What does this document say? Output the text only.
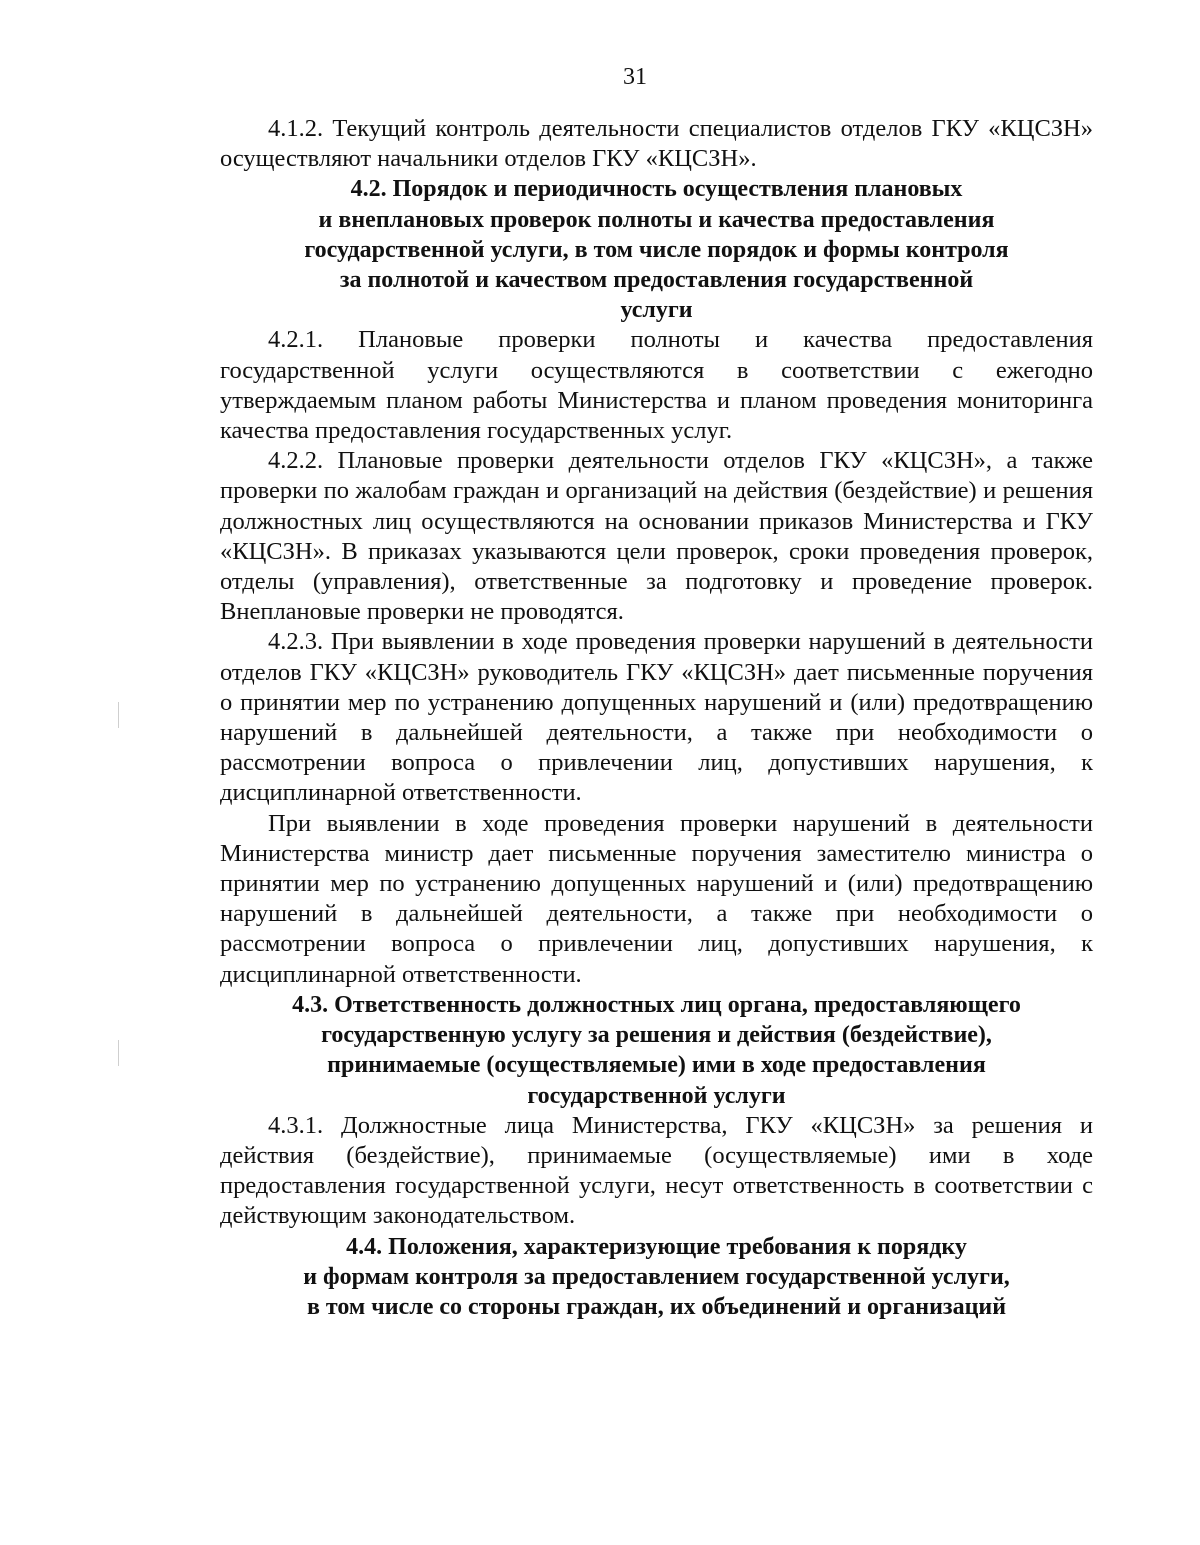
31

4.1.2. Текущий контроль деятельности специалистов отделов ГКУ «КЦСЗН» осуществляют начальники отделов ГКУ «КЦСЗН».

4.2. Порядок и периодичность осуществления плановых
и внеплановых проверок полноты и качества предоставления
государственной услуги, в том числе порядок и формы контроля
за полнотой и качеством предоставления государственной
услуги

4.2.1. Плановые проверки полноты и качества предоставления государственной услуги осуществляются в соответствии с ежегодно утверждаемым планом работы Министерства и планом проведения мониторинга качества предоставления государственных услуг.

4.2.2. Плановые проверки деятельности отделов ГКУ «КЦСЗН», а также проверки по жалобам граждан и организаций на действия (бездействие) и решения должностных лиц осуществляются на основании приказов Министерства и ГКУ «КЦСЗН». В приказах указываются цели проверок, сроки проведения проверок, отделы (управления), ответственные за подготовку и проведение проверок. Внеплановые проверки не проводятся.

4.2.3. При выявлении в ходе проведения проверки нарушений в деятельности отделов ГКУ «КЦСЗН» руководитель ГКУ «КЦСЗН» дает письменные поручения о принятии мер по устранению допущенных нарушений и (или) предотвращению нарушений в дальнейшей деятельности, а также при необходимости о рассмотрении вопроса о привлечении лиц, допустивших нарушения, к дисциплинарной ответственности.

При выявлении в ходе проведения проверки нарушений в деятельности Министерства министр дает письменные поручения заместителю министра о принятии мер по устранению допущенных нарушений и (или) предотвращению нарушений в дальнейшей деятельности, а также при необходимости о рассмотрении вопроса о привлечении лиц, допустивших нарушения, к дисциплинарной ответственности.

4.3. Ответственность должностных лиц органа, предоставляющего
государственную услугу за решения и действия (бездействие),
принимаемые (осуществляемые) ими в ходе предоставления
государственной услуги

4.3.1. Должностные лица Министерства, ГКУ «КЦСЗН» за решения и действия (бездействие), принимаемые (осуществляемые) ими в ходе предоставления государственной услуги, несут ответственность в соответствии с действующим законодательством.

4.4. Положения, характеризующие требования к порядку
и формам контроля за предоставлением государственной услуги,
в том числе со стороны граждан, их объединений и организаций
